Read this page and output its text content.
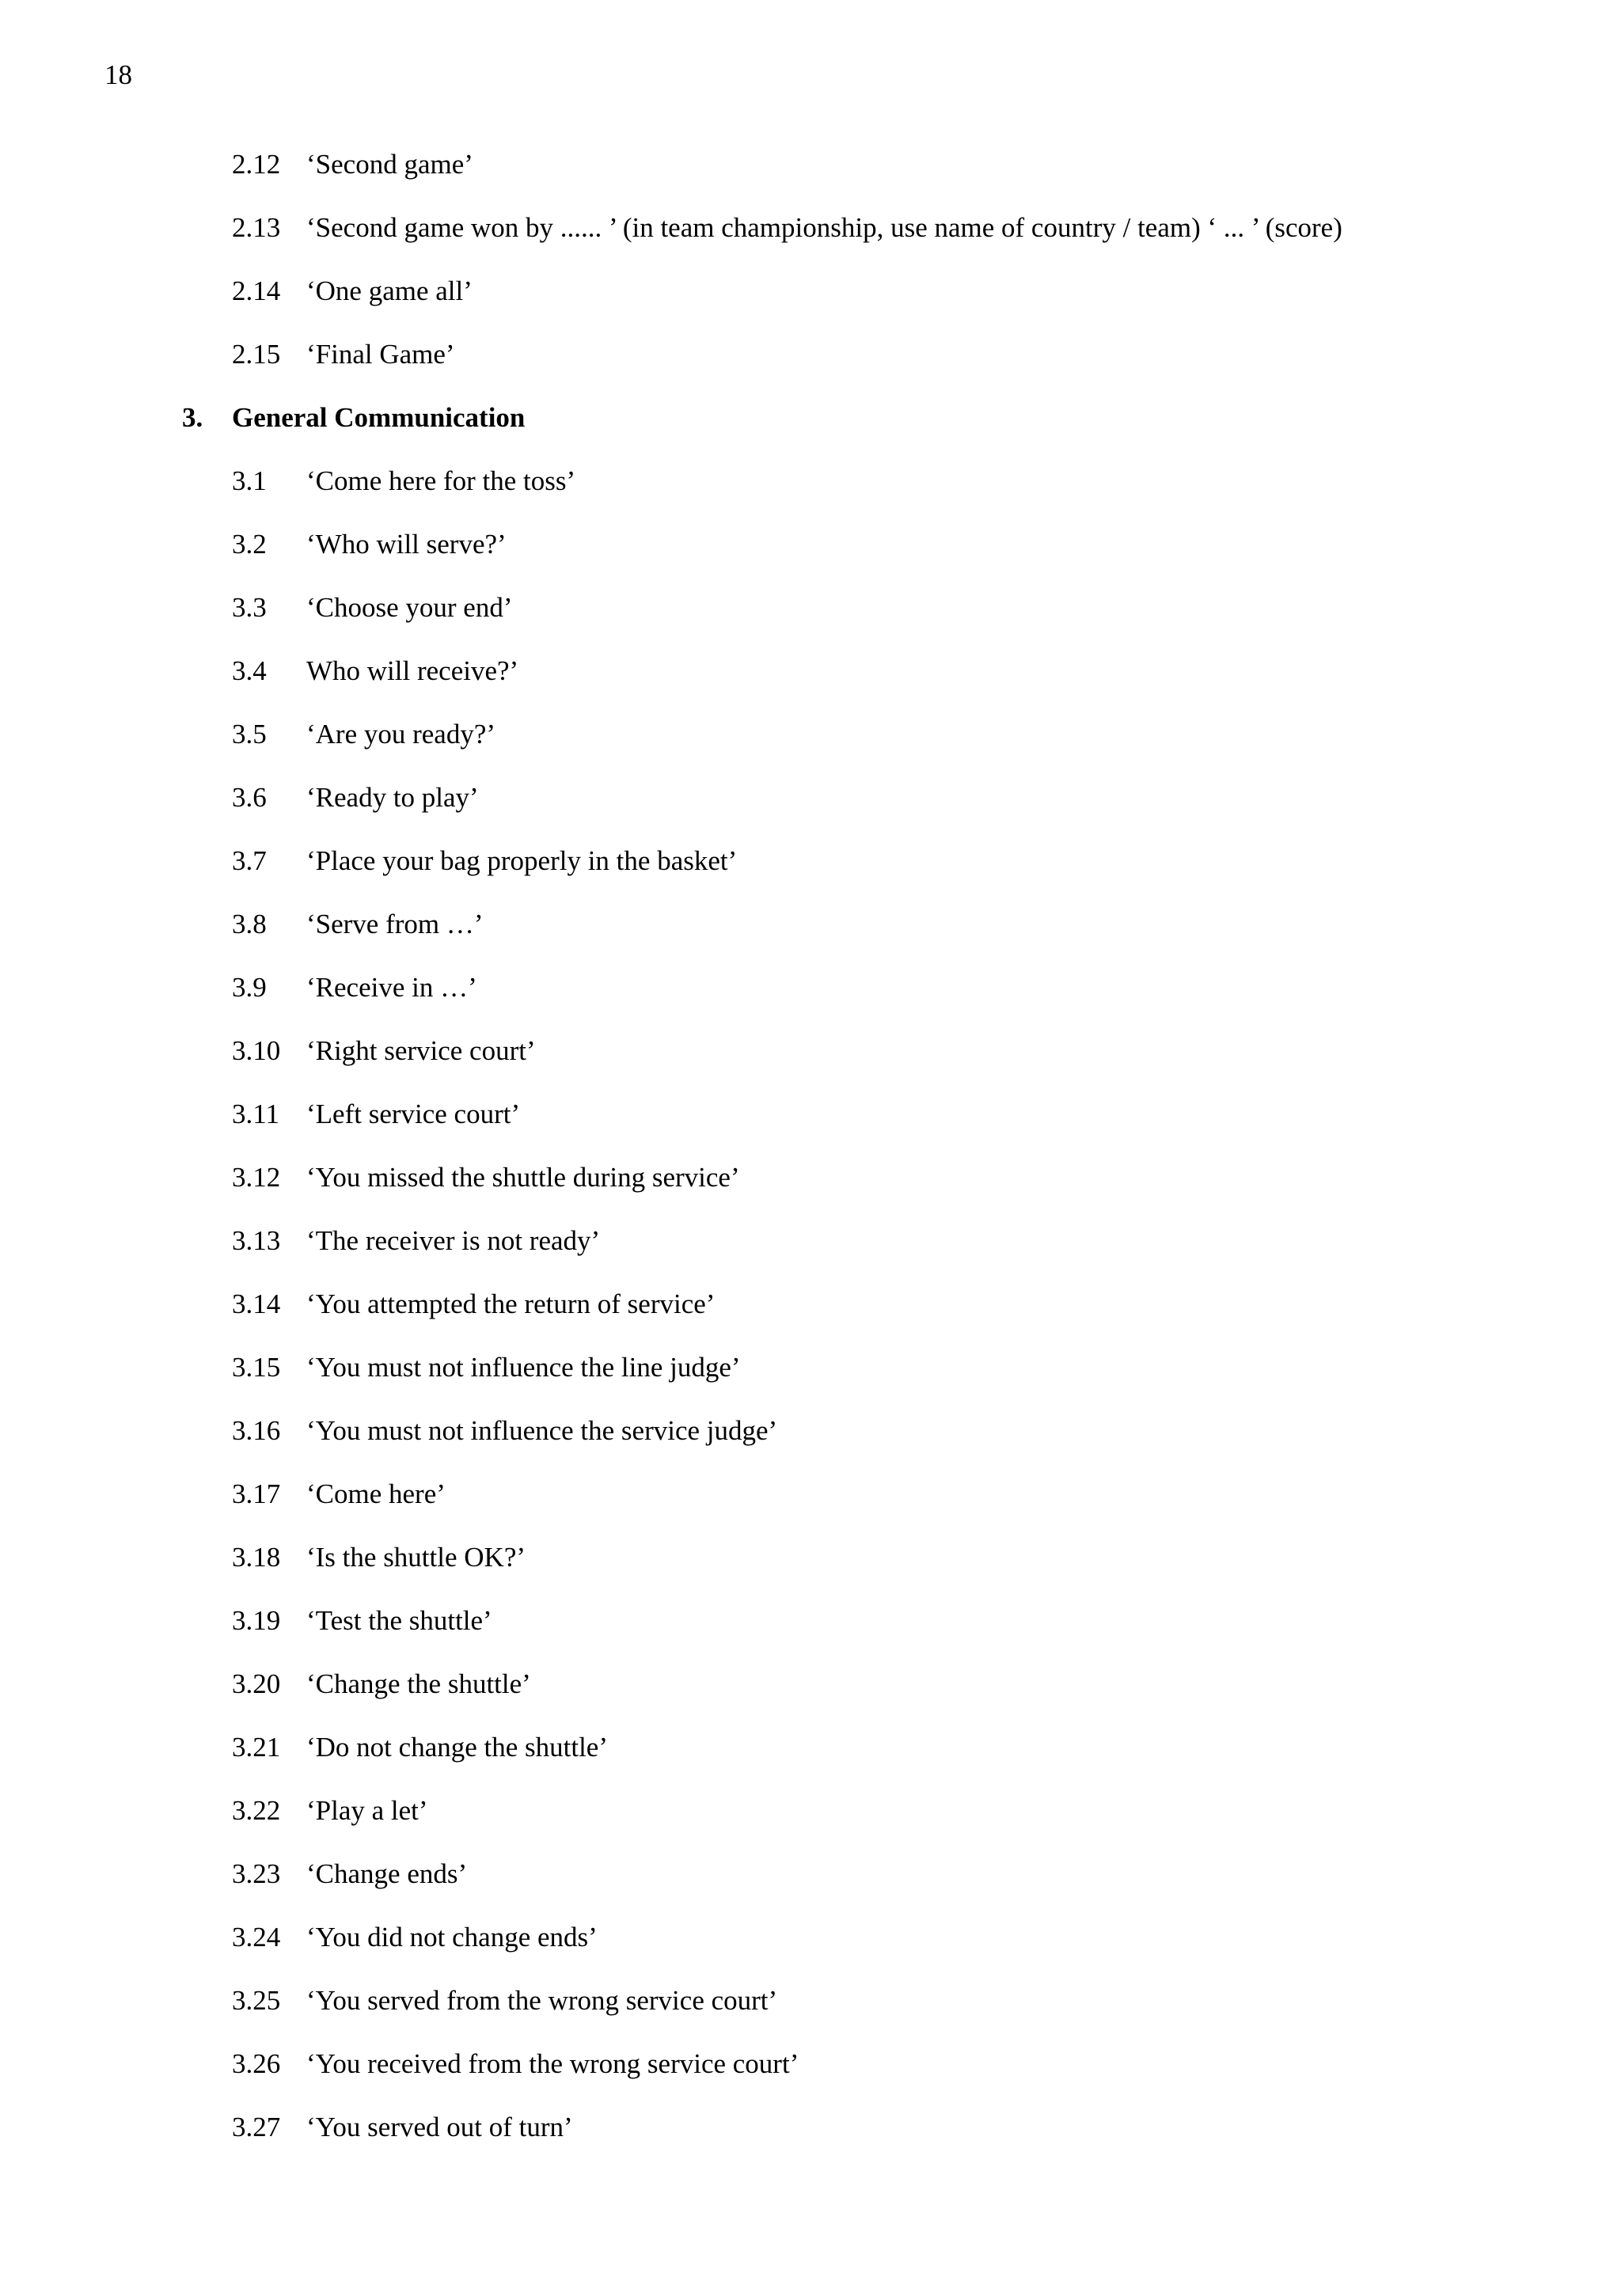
18
2.12 ‘Second game’
2.13 ‘Second game won by ...... ’ (in team championship, use name of country / team) ‘ ... ’ (score)
2.14 ‘One game all’
2.15 ‘Final Game’
3. General Communication
3.1 ‘Come here for the toss’
3.2 ‘Who will serve?’
3.3 ‘Choose your end’
3.4 Who will receive?’
3.5 ‘Are you ready?’
3.6 ‘Ready to play’
3.7 ‘Place your bag properly in the basket’
3.8 ‘Serve from …’
3.9 ‘Receive in …’
3.10 ‘Right service court’
3.11 ‘Left service court’
3.12 ‘You missed the shuttle during service’
3.13 ‘The receiver is not ready’
3.14 ‘You attempted the return of service’
3.15 ‘You must not influence the line judge’
3.16 ‘You must not influence the service judge’
3.17 ‘Come here’
3.18 ‘Is the shuttle OK?’
3.19 ‘Test the shuttle’
3.20 ‘Change the shuttle’
3.21 ‘Do not change the shuttle’
3.22 ‘Play a let’
3.23 ‘Change ends’
3.24 ‘You did not change ends’
3.25 ‘You served from the wrong service court’
3.26 ‘You received from the wrong service court’
3.27 ‘You served out of turn’
